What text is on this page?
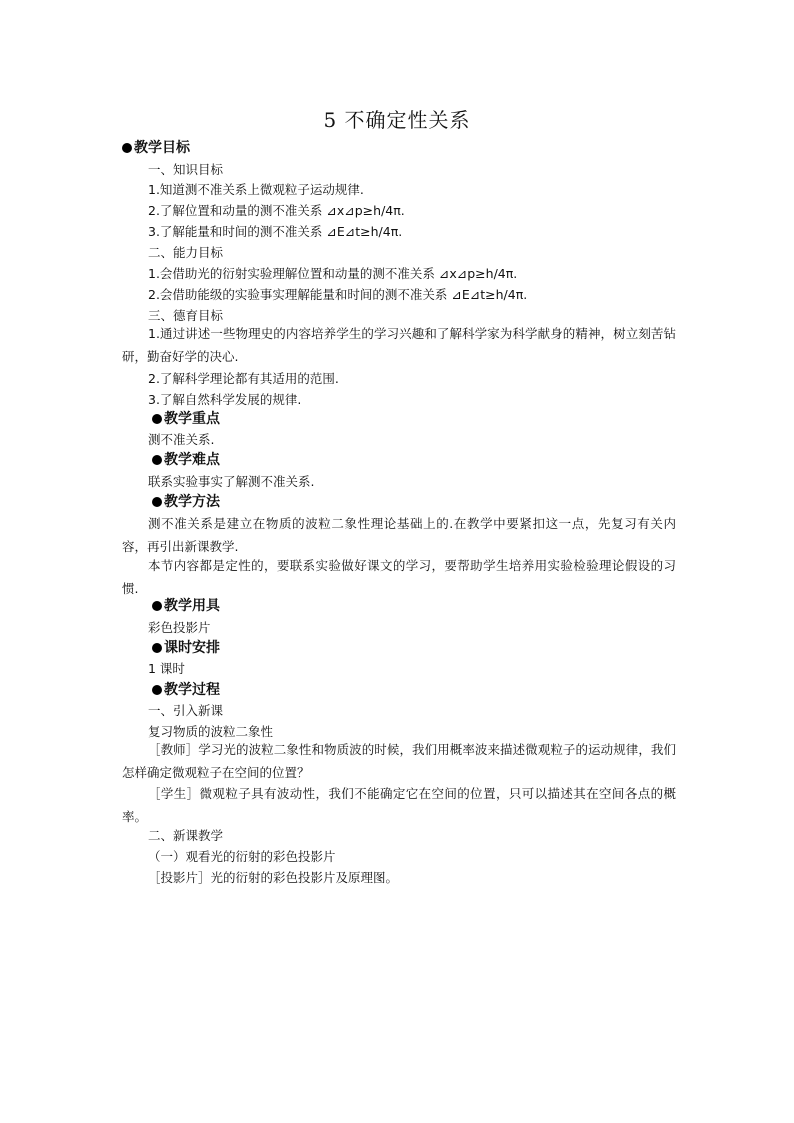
5 不确定性关系
教学目标
一、知识目标
1.知道测不准关系上微观粒子运动规律.
2.了解位置和动量的测不准关系 ⊿x⊿p≥h/4π.
3.了解能量和时间的测不准关系 ⊿E⊿t≥h/4π.
二、能力目标
1.会借助光的衍射实验理解位置和动量的测不准关系 ⊿x⊿p≥h/4π.
2.会借助能级的实验事实理解能量和时间的测不准关系 ⊿E⊿t≥h/4π.
三、德育目标
1.通过讲述一些物理史的内容培养学生的学习兴趣和了解科学家为科学献身的精神，树立刻苦钻研，勤奋好学的决心.
2.了解科学理论都有其适用的范围.
3.了解自然科学发展的规律.
教学重点
测不准关系.
教学难点
联系实验事实了解测不准关系.
教学方法
测不准关系是建立在物质的波粒二象性理论基础上的.在教学中要紧扣这一点，先复习有关内容，再引出新课教学.
本节内容都是定性的，要联系实验做好课文的学习，要帮助学生培养用实验检验理论假设的习惯.
教学用具
彩色投影片
课时安排
1 课时
教学过程
一、引入新课
复习物质的波粒二象性
［教师］学习光的波粒二象性和物质波的时候，我们用概率波来描述微观粒子的运动规律，我们怎样确定微观粒子在空间的位置？
［学生］微观粒子具有波动性，我们不能确定它在空间的位置，只可以描述其在空间各点的概率。
二、新课教学
（一）观看光的衍射的彩色投影片
［投影片］光的衍射的彩色投影片及原理图。
